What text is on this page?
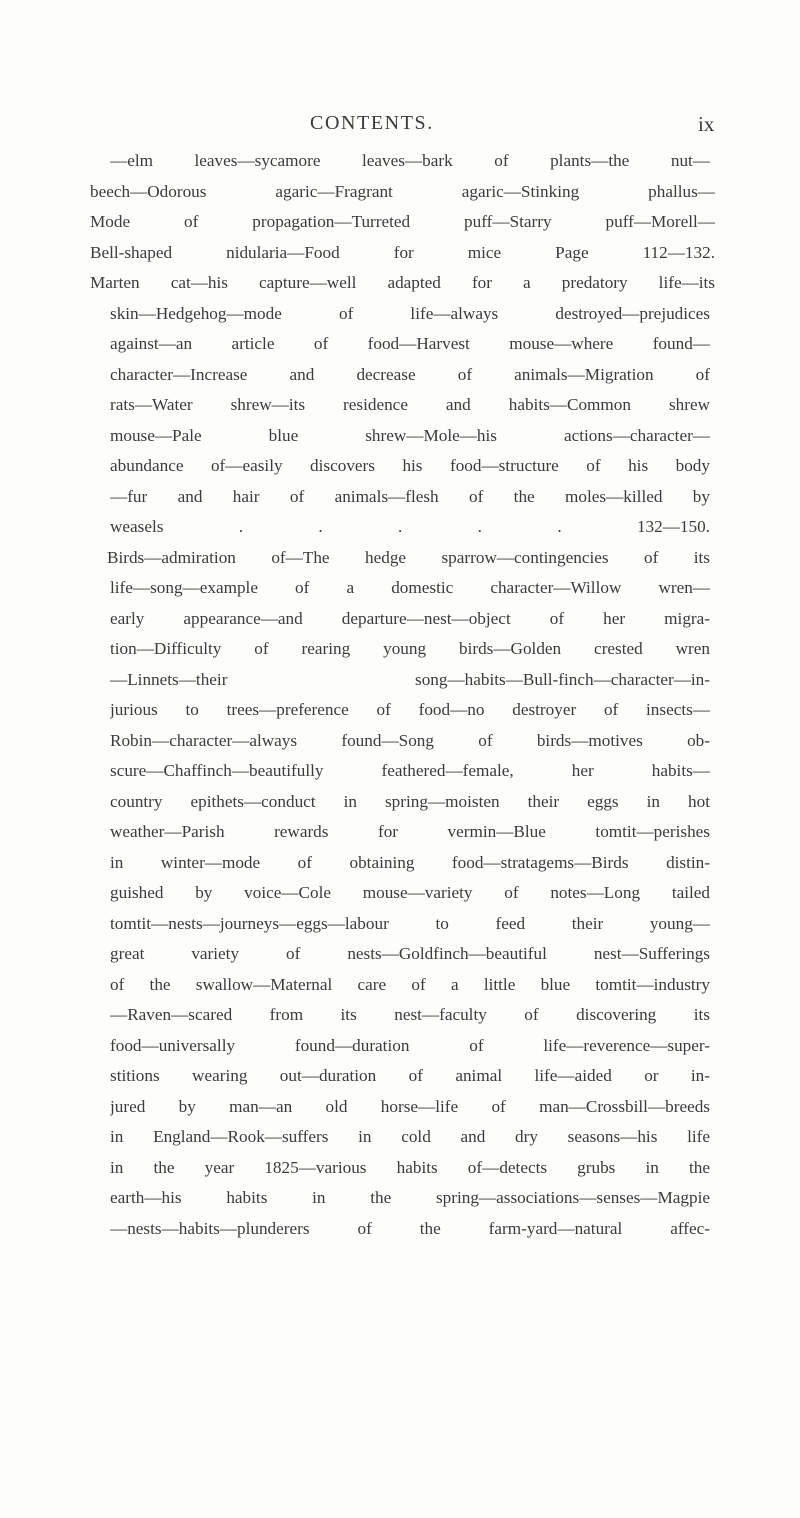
CONTENTS.	ix
—elm leaves—sycamore leaves—bark of plants—the nut—
beech—Odorous agaric—Fragrant agaric—Stinking phallus—
Mode of propagation—Turreted puff—Starry puff—Morell—
Bell-shaped nidularia—Food for mice Page 112—132.
Marten cat—his capture—well adapted for a predatory life—its
skin—Hedgehog—mode of life—always destroyed—prejudices
against—an article of food—Harvest mouse—where found—
character—Increase and decrease of animals—Migration of
rats—Water shrew—its residence and habits—Common shrew
mouse—Pale blue shrew—Mole—his actions—character—
abundance of—easily discovers his food—structure of his body
—fur and hair of animals—flesh of the moles—killed by
weasels . . . . . 132—150.
Birds—admiration of—The hedge sparrow—contingencies of its
life—song—example of a domestic character—Willow wren—
early appearance—and departure—nest—object of her migra-
tion—Difficulty of rearing young birds—Golden crested wren
—Linnets—their song—habits—Bull-finch—character—in-
jurious to trees—preference of food—no destroyer of insects—
Robin—character—always found—Song of birds—motives ob-
scure—Chaffinch—beautifully feathered—female, her habits—
country epithets—conduct in spring—moisten their eggs in hot
weather—Parish rewards for vermin—Blue tomtit—perishes
in winter—mode of obtaining food—stratagems—Birds distin-
guished by voice—Cole mouse—variety of notes—Long tailed
tomtit—nests—journeys—eggs—labour to feed their young—
great variety of nests—Goldfinch—beautiful nest—Sufferings
of the swallow—Maternal care of a little blue tomtit—industry
—Raven—scared from its nest—faculty of discovering its
food—universally found—duration of life—reverence—super-
stitions wearing out—duration of animal life—aided or in-
jured by man—an old horse—life of man—Crossbill—breeds
in England—Rook—suffers in cold and dry seasons—his life
in the year 1825—various habits of—detects grubs in the
earth—his habits in the spring—associations—senses—Magpie
—nests—habits—plunderers of the farm-yard—natural affec-
